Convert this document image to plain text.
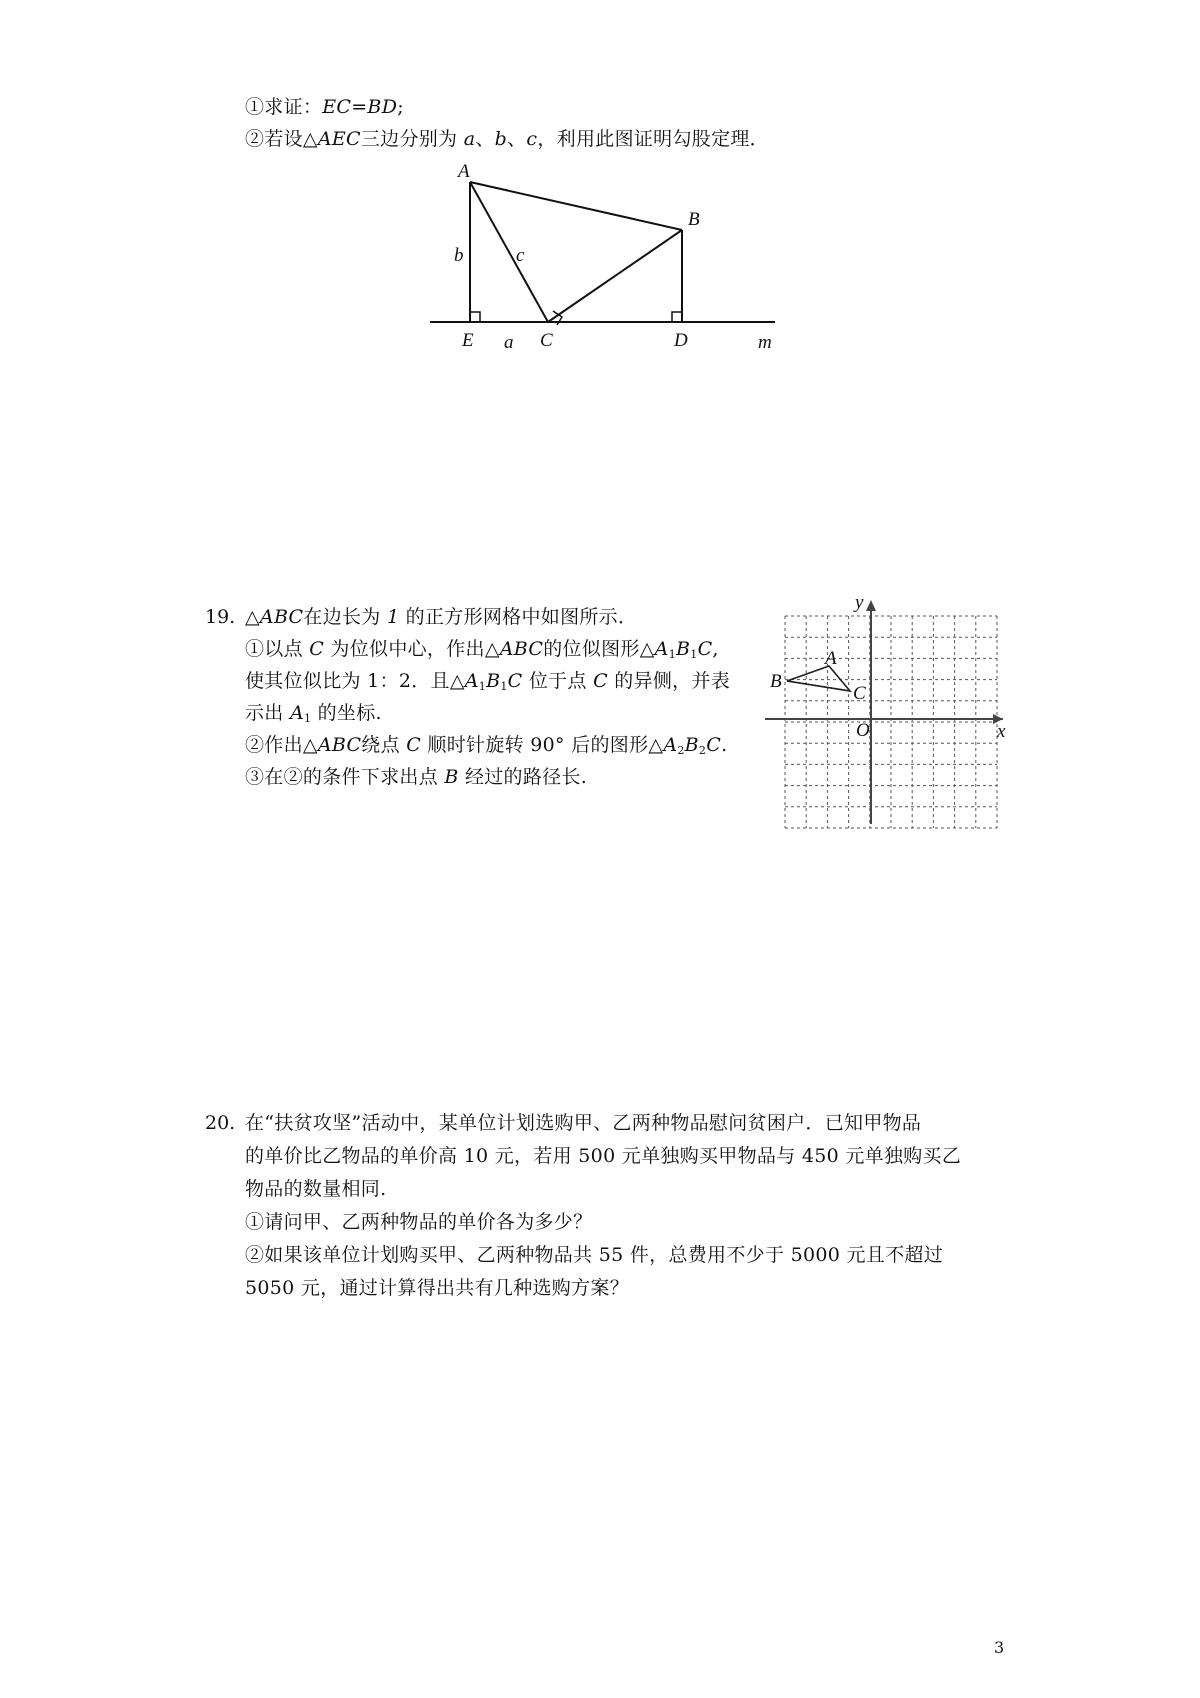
①求证：EC=BD;
②若设△AEC三边分别为 a、b、c，利用此图证明勾股定理．
A
B
b	c
E a C	D	m
19. △ABC在边长为 1 的正方形网格中如图所示．
①以点 C 为位似中心，作出△ABC的位似图形$\triangle A_1B_1C$,
使其位似比为 1：2．且$\triangle A_1B_1C$ 位于点 C 的异侧，并表
示出 $A_1$ 的坐标.
②作出△ABC绕点 C 顺时针旋转 90° 后的图形$\triangle A_2B_2C$.
③在②的条件下求出点 B 经过的路径长.
y
x
A
B
C
O
20. 在“扶贫攻坚”活动中，某单位计划选购甲、乙两种物品慰问贫困户．已知甲物品
的单价比乙物品的单价高 10 元，若用 500 元单独购买甲物品与 450 元单独购买乙
物品的数量相同.
①请问甲、乙两种物品的单价各为多少？
②如果该单位计划购买甲、乙两种物品共 55 件，总费用不少于 5000 元且不超过
5050 元，通过计算得出共有几种选购方案？
3
